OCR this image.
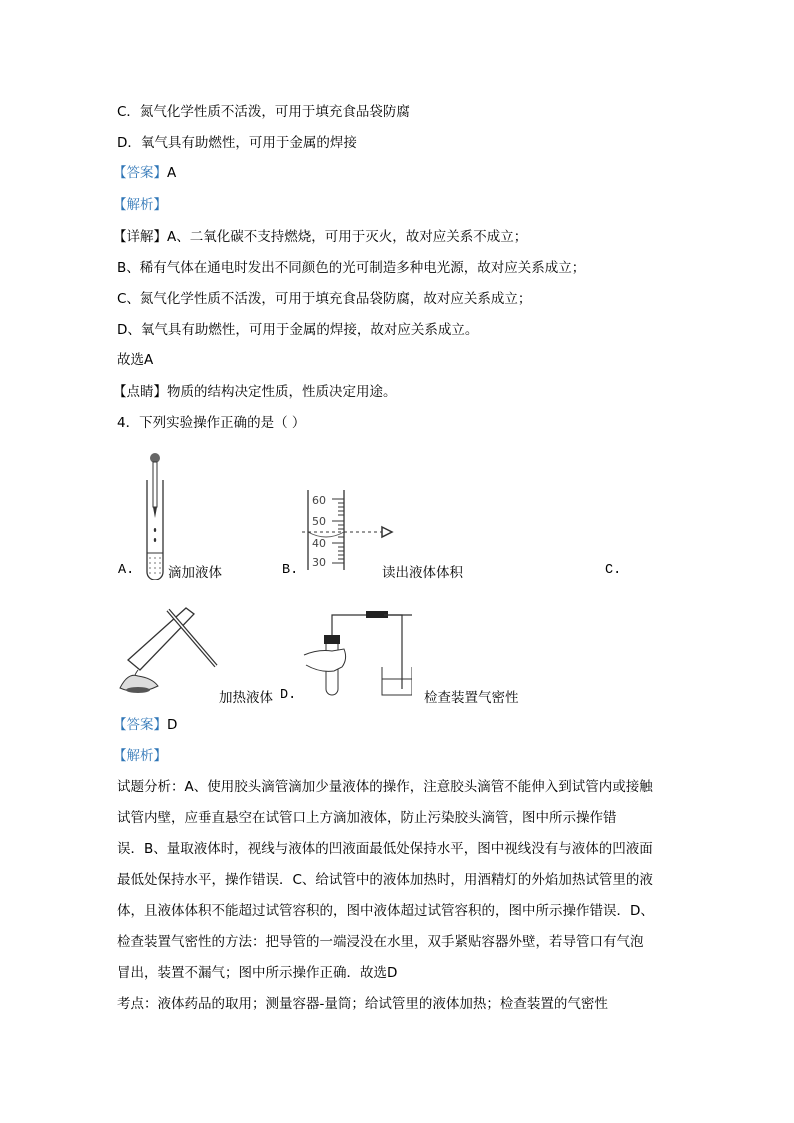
C．氮气化学性质不活泼，可用于填充食品袋防腐
D．氧气具有助燃性，可用于金属的焊接
【答案】A
【解析】
【详解】A、二氧化碳不支持燃烧，可用于灭火，故对应关系不成立；
B、稀有气体在通电时发出不同颜色的光可制造多种电光源，故对应关系成立；
C、氮气化学性质不活泼，可用于填充食品袋防腐，故对应关系成立；
D、氧气具有助燃性，可用于金属的焊接，故对应关系成立。
故选A
【点睛】物质的结构决定性质，性质决定用途。
4．下列实验操作正确的是（ ）
A.	滴加液体
60
50
40
30
B.	读出液体体积	C.
加热液体 D.	检查装置气密性
【答案】D
【解析】
试题分析：A、使用胶头滴管滴加少量液体的操作，注意胶头滴管不能伸入到试管内或接触
试管内壁，应垂直悬空在试管口上方滴加液体，防止污染胶头滴管，图中所示操作错
误．B、量取液体时，视线与液体的凹液面最低处保持水平，图中视线没有与液体的凹液面
最低处保持水平，操作错误．C、给试管中的液体加热时，用酒精灯的外焰加热试管里的液
体，且液体体积不能超过试管容积的，图中液体超过试管容积的，图中所示操作错误．D、
检查装置气密性的方法：把导管的一端浸没在水里，双手紧贴容器外壁，若导管口有气泡
冒出，装置不漏气；图中所示操作正确．故选D
考点：液体药品的取用；测量容器-量筒；给试管里的液体加热；检查装置的气密性
